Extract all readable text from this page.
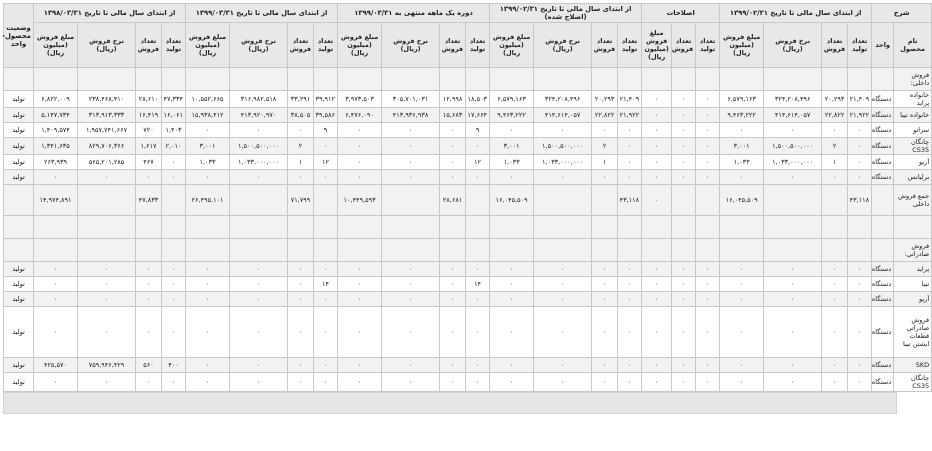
شرح		از ابتدای سال مالی تا تاریخ ۱۳۹۹/۰۲/۳۱				اصلاحات			از ابتدای سال مالی تا تاریخ ۱۳۹۹/۰۲/۳۱ (اصلاح شده)				دوره یک ماهه منتهی به ۱۳۹۹/۰۳/۳۱				از ابتدای سال مالی تا تاریخ ۱۳۹۹/۰۳/۳۱				از ابتدای سال مالی تا تاریخ ۱۳۹۸/۰۳/۳۱				وضعیت محصول- واحد
نام محصول	واحد	تعداد تولید	تعداد فروش	نرخ فروش (ریال)	مبلغ فروش (میلیون ریال)	تعداد تولید	تعداد فروش	مبلغ فروش (میلیون ریال)	تعداد تولید	تعداد فروش	نرخ فروش (ریال)	مبلغ فروش (میلیون ریال)	تعداد تولید	تعداد فروش	نرخ فروش (ریال)	مبلغ فروش (میلیون ریال)	تعداد تولید	تعداد فروش	نرخ فروش (ریال)	مبلغ فروش (میلیون ریال)	تعداد تولید	تعداد فروش	نرخ فروش (ریال)	مبلغ فروش (میلیون ریال)	
فروش داخلی:																									
خانواده پراید	دستگاه	۲۱,۴۰۹	۲۰,۲۹۳	۳۲۴,۲۰۸,۴۹۶	۶,۵۷۹,۱۶۳	۰	۰	۰	۲۱,۴۰۹	۲۰,۲۹۳	۳۲۴,۲۰۸,۴۹۶	۶,۵۷۹,۱۶۳	۱۸,۵۰۳	۱۲,۹۹۸	۳۰۵,۷۰۱,۰۳۱	۳,۹۷۳,۵۰۳	۳۹,۹۱۲	۳۳,۲۹۱	۳۱۶,۹۸۲,۵۱۸	۱۰,۵۵۲,۶۶۵	۴۷,۳۳۴	۲۸,۶۱۰	۲۳۸,۴۶۸,۴۱۰	۶,۸۲۲,۰۰۹	تولید
خانواده تیبا	دستگاه	۲۱,۹۲۲	۲۲,۸۲۲	۴۱۴,۶۱۴,۰۵۷	۹,۴۶۳,۲۲۲	۰	۰	۰	۲۱,۹۲۲	۲۲,۸۲۲	۴۱۴,۶۱۴,۰۵۷	۹,۴۶۳,۲۲۲	۱۷,۶۶۴	۱۵,۶۸۳	۴۱۳,۹۳۶,۹۳۸	۶,۴۷۶,۰۹۰	۳۹,۵۸۶	۳۸,۵۰۵	۴۱۳,۹۲۰,۹۷۰	۱۵,۹۳۸,۴۱۲	۱۶,۰۶۱	۱۶,۴۱۹	۳۱۳,۹۱۳,۳۳۳	۵,۱۴۷,۷۳۴	تولید
سراتو	دستگاه	۰	۰	۰	۰	۰	۰	۰	۰	۰	۰	۰	۹	۰	۰	۰	۹	۰	۰	۰	۱,۴۰۳	۷۲۰	۱,۹۵۷,۷۴۱,۶۶۷	۱,۴۰۹,۵۷۴	تولید
چانگان CS35	دستگاه	۰	۲	۱,۵۰۰,۵۰۰,۰۰۰	۳,۰۰۱	۰	۰	۰	۰	۲	۱,۵۰۰,۵۰۰,۰۰۰	۳,۰۰۱	۰	۰	۰	۰	۰	۲	۱,۵۰۰,۵۰۰,۰۰۰	۳,۰۰۱	۲,۰۱۰	۱,۶۱۷	۸۲۹,۷۰۶,۳۶۶	۱,۳۴۱,۶۳۵	تولید
آریو	دستگاه	۰	۱	۱,۰۳۳,۰۰۰,۰۰۰	۱,۰۳۳	۰	۰	۰	۰	۱	۱,۰۳۳,۰۰۰,۰۰۰	۱,۰۳۳	۱۲	۰	۰	۰	۱۲	۱	۱,۰۳۳,۰۰۰,۰۰۰	۱,۰۳۳	۰	۴۶۷	۵۶۵,۲۰۱,۲۸۵	۲۶۳,۹۳۹	تولید
برلیانس	دستگاه	۰	۰	۰	۰	۰	۰	۰	۰	۰	۰	۰	۰	۰	۰	۰	۰	۰	۰	۰	۰	۰	۰	۰	تولید
جمع فروش داخلی		۴۳,۱۱۸			۱۶,۰۴۵,۵۰۹			۰	۴۳,۱۱۸			۱۶,۰۴۵,۵۰۹		۲۸,۶۸۱		۱۰,۴۴۹,۵۹۳		۷۱,۷۹۹		۲۶,۴۹۵,۱۰۱		۴۷,۸۳۳		۱۴,۹۷۴,۸۹۱	

فروش صادراتی:																									
پراید	دستگاه	۰	۰	۰	۰	۰	۰	۰	۰	۰	۰	۰	۰	۰	۰	۰	۰	۰	۰	۰	۰	۰	۰	۰	تولید
تیبا	دستگاه	۰	۰	۰	۰	۰	۰	۰	۰	۰	۰	۰	۱۴	۰	۰	۰	۱۴	۰	۰	۰	۰	۰	۰	۰	تولید
آریو	دستگاه	۰	۰	۰	۰	۰	۰	۰	۰	۰	۰	۰	۰	۰	۰	۰	۰	۰	۰	۰	۰	۰	۰	۰	تولید
فروش صادراتی قطعات ایشتن تیبا	دستگاه	۰	۰	۰	۰	۰	۰	۰	۰	۰	۰	۰	۰	۰	۰	۰	۰	۰	۰	۰	۰	۰	۰	۰	تولید
SKD	دستگاه	۰	۰	۰	۰	۰	۰	۰	۰	۰	۰	۰	۰	۰	۰	۰	۰	۰	۰	۰	۴۰۰	۵۶۰	۷۵۹,۹۴۶,۴۲۹	۴۲۵,۵۷۰	تولید
چانگان CS35	دستگاه	۰	۰	۰	۰	۰	۰	۰	۰	۰	۰	۰	۰	۰	۰	۰	۰	۰	۰	۰	۰	۰	۰	۰	تولید
